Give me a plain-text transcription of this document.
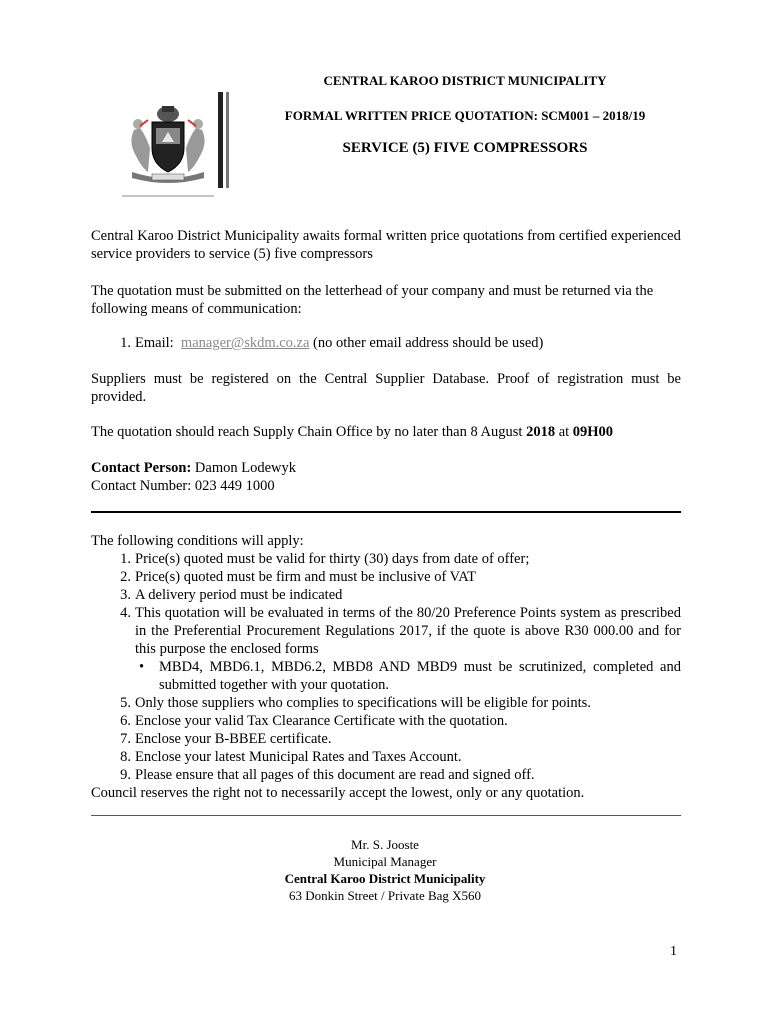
CENTRAL KAROO DISTRICT MUNICIPALITY
FORMAL WRITTEN PRICE QUOTATION: SCM001 – 2018/19
SERVICE (5) FIVE COMPRESSORS
Central Karoo District Municipality awaits formal written price quotations from certified experienced service providers to service (5) five compressors
The quotation must be submitted on the letterhead of your company and must be returned via the following means of communication:
1. Email: manager@skdm.co.za (no other email address should be used)
Suppliers must be registered on the Central Supplier Database. Proof of registration must be provided.
The quotation should reach Supply Chain Office by no later than 8 August 2018 at 09H00
Contact Person: Damon Lodewyk
Contact Number: 023 449 1000
The following conditions will apply:
1. Price(s) quoted must be valid for thirty (30) days from date of offer;
2. Price(s) quoted must be firm and must be inclusive of VAT
3. A delivery period must be indicated
4. This quotation will be evaluated in terms of the 80/20 Preference Points system as prescribed in the Preferential Procurement Regulations 2017, if the quote is above R30 000.00 and for this purpose the enclosed forms
• MBD4, MBD6.1, MBD6.2, MBD8 AND MBD9 must be scrutinized, completed and submitted together with your quotation.
5. Only those suppliers who complies to specifications will be eligible for points.
6. Enclose your valid Tax Clearance Certificate with the quotation.
7. Enclose your B-BBEE certificate.
8. Enclose your latest Municipal Rates and Taxes Account.
9. Please ensure that all pages of this document are read and signed off.
Council reserves the right not to necessarily accept the lowest, only or any quotation.
Mr. S. Jooste
Municipal Manager
Central Karoo District Municipality
63 Donkin Street / Private Bag X560
1
